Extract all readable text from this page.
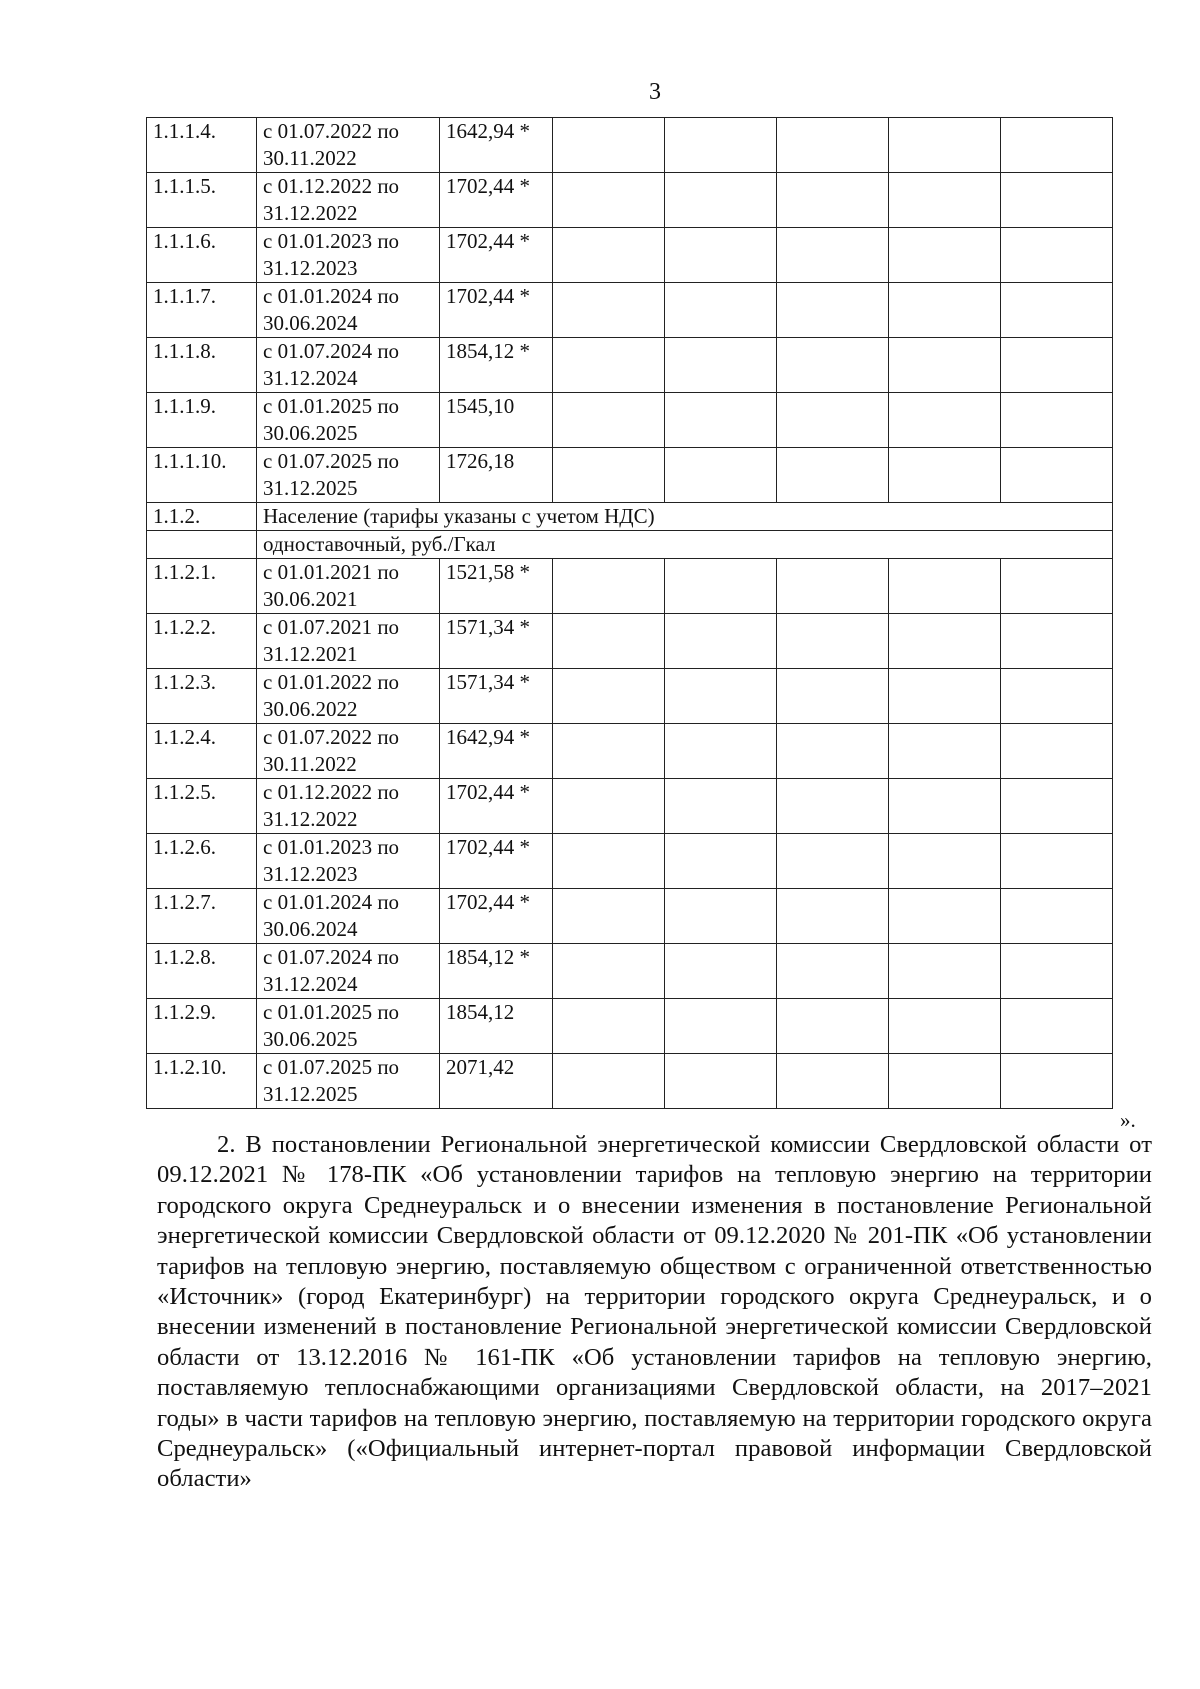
3
1.1.1.4.	с 01.07.2022 по
30.11.2022	1642,94 *					
1.1.1.5.	с 01.12.2022 по
31.12.2022	1702,44 *					
1.1.1.6.	с 01.01.2023 по
31.12.2023	1702,44 *					
1.1.1.7.	с 01.01.2024 по
30.06.2024	1702,44 *					
1.1.1.8.	с 01.07.2024 по
31.12.2024	1854,12 *					
1.1.1.9.	с 01.01.2025 по
30.06.2025	1545,10					
1.1.1.10.	с 01.07.2025 по
31.12.2025	1726,18					
1.1.2.	Население (тарифы указаны с учетом НДС)						
	одноставочный, руб./Гкал						
1.1.2.1.	с 01.01.2021 по
30.06.2021	1521,58 *					
1.1.2.2.	с 01.07.2021 по
31.12.2021	1571,34 *					
1.1.2.3.	с 01.01.2022 по
30.06.2022	1571,34 *					
1.1.2.4.	с 01.07.2022 по
30.11.2022	1642,94 *					
1.1.2.5.	с 01.12.2022 по
31.12.2022	1702,44 *					
1.1.2.6.	с 01.01.2023 по
31.12.2023	1702,44 *					
1.1.2.7.	с 01.01.2024 по
30.06.2024	1702,44 *					
1.1.2.8.	с 01.07.2024 по
31.12.2024	1854,12 *					
1.1.2.9.	с 01.01.2025 по
30.06.2025	1854,12					
1.1.2.10.	с 01.07.2025 по
31.12.2025	2071,42					
».

2. В постановлении Региональной энергетической комиссии Свердловской области от 09.12.2021 № 178-ПК «Об установлении тарифов на тепловую энергию на территории городского округа Среднеуральск и о внесении изменения в постановление Региональной энергетической комиссии Свердловской области от 09.12.2020 № 201-ПК «Об установлении тарифов на тепловую энергию, поставляемую обществом с ограниченной ответственностью «Источник» (город Екатеринбург) на территории городского округа Среднеуральск, и о внесении изменений в постановление Региональной энергетической комиссии Свердловской области от 13.12.2016 № 161-ПК «Об установлении тарифов на тепловую энергию, поставляемую теплоснабжающими организациями Свердловской области, на 2017–2021 годы» в части тарифов на тепловую энергию, поставляемую на территории городского округа Среднеуральск» («Официальный интернет-портал правовой информации Свердловской области»
